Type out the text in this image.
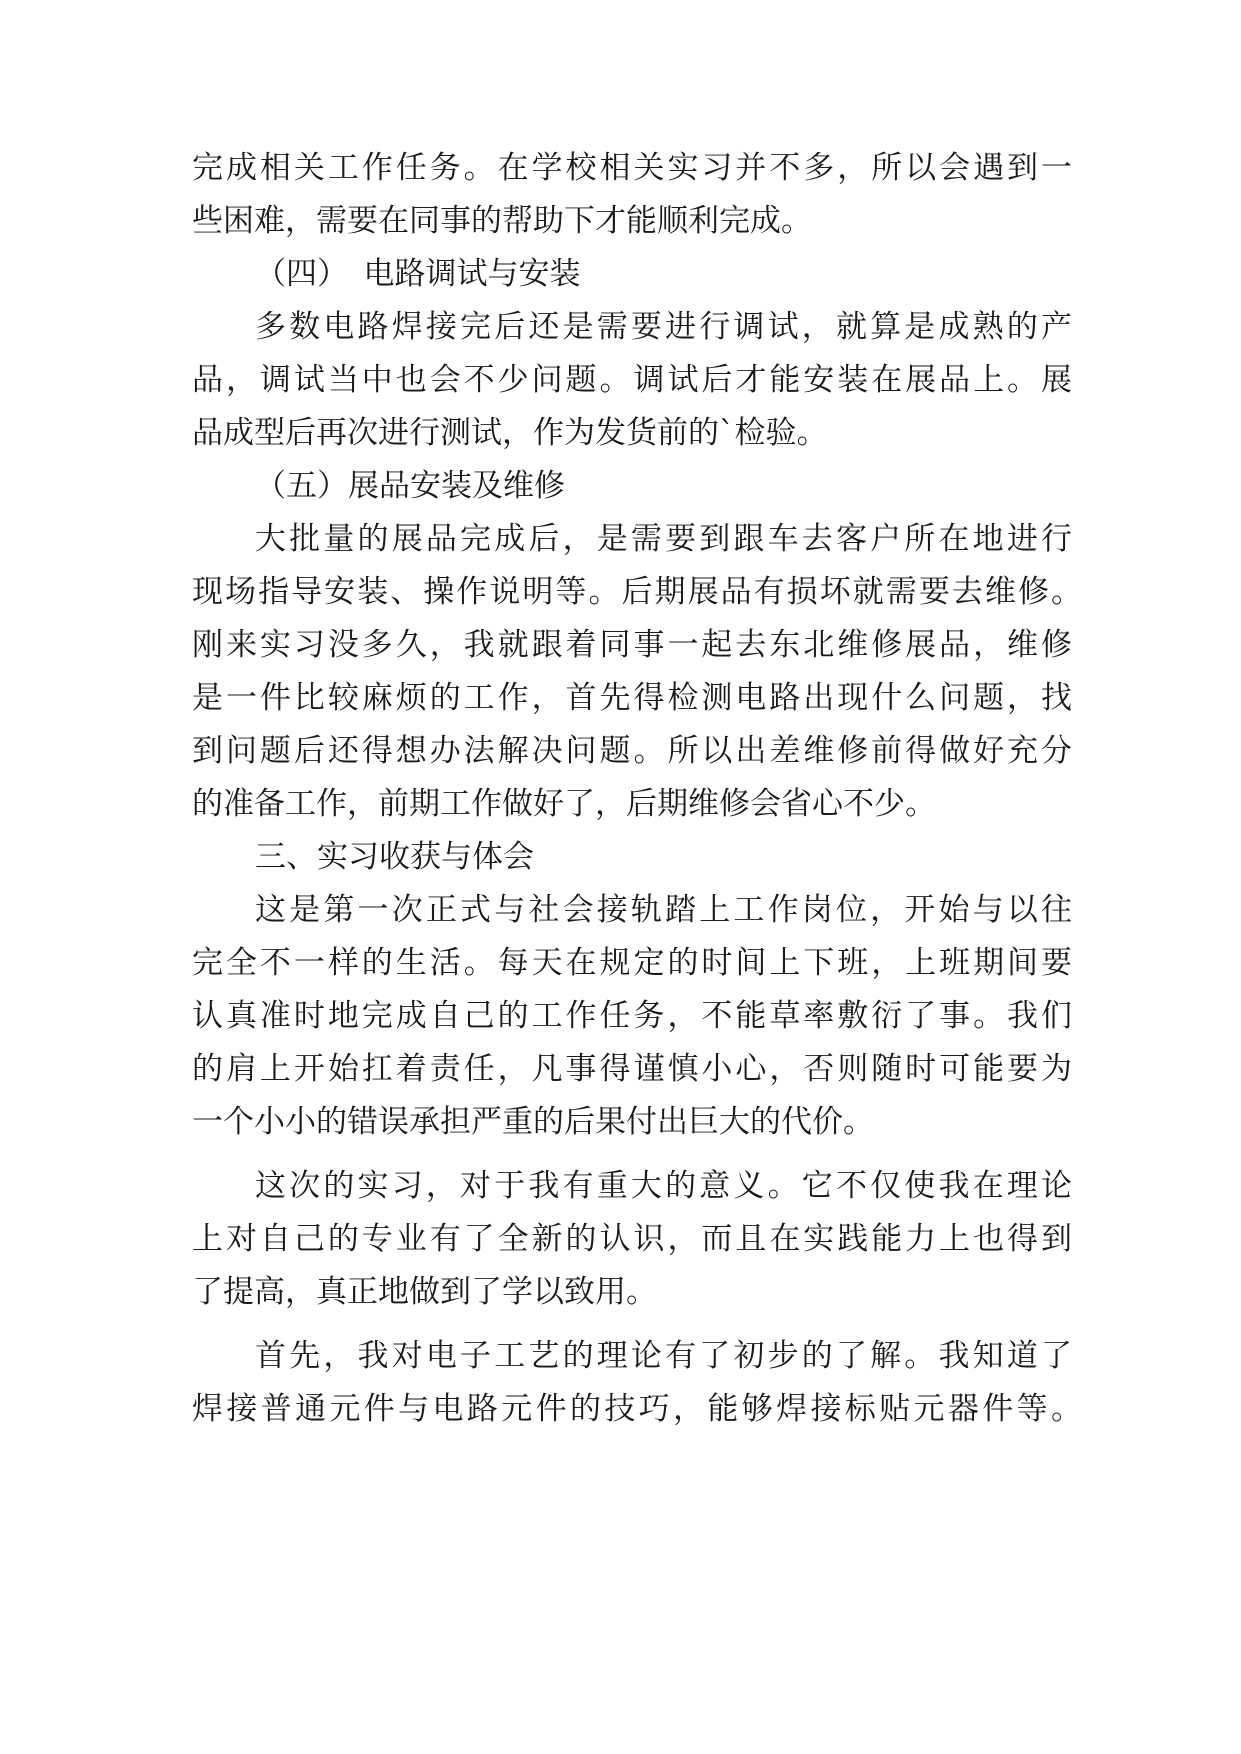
完成相关工作任务。在学校相关实习并不多，所以会遇到一
些困难，需要在同事的帮助下才能顺利完成。
（四）　电路调试与安装
多数电路焊接完后还是需要进行调试，就算是成熟的产
品，调试当中也会不少问题。调试后才能安装在展品上。展
品成型后再次进行测试，作为发货前的`检验。
（五）展品安装及维修
大批量的展品完成后，是需要到跟车去客户所在地进行
现场指导安装、操作说明等。后期展品有损坏就需要去维修。
刚来实习没多久，我就跟着同事一起去东北维修展品，维修
是一件比较麻烦的工作，首先得检测电路出现什么问题，找
到问题后还得想办法解决问题。所以出差维修前得做好充分
的准备工作，前期工作做好了，后期维修会省心不少。
三、实习收获与体会
这是第一次正式与社会接轨踏上工作岗位，开始与以往
完全不一样的生活。每天在规定的时间上下班，上班期间要
认真准时地完成自己的工作任务，不能草率敷衍了事。我们
的肩上开始扛着责任，凡事得谨慎小心，否则随时可能要为
一个小小的错误承担严重的后果付出巨大的代价。
这次的实习，对于我有重大的意义。它不仅使我在理论
上对自己的专业有了全新的认识，而且在实践能力上也得到
了提高，真正地做到了学以致用。
首先，我对电子工艺的理论有了初步的了解。我知道了
焊接普通元件与电路元件的技巧，能够焊接标贴元器件等。
